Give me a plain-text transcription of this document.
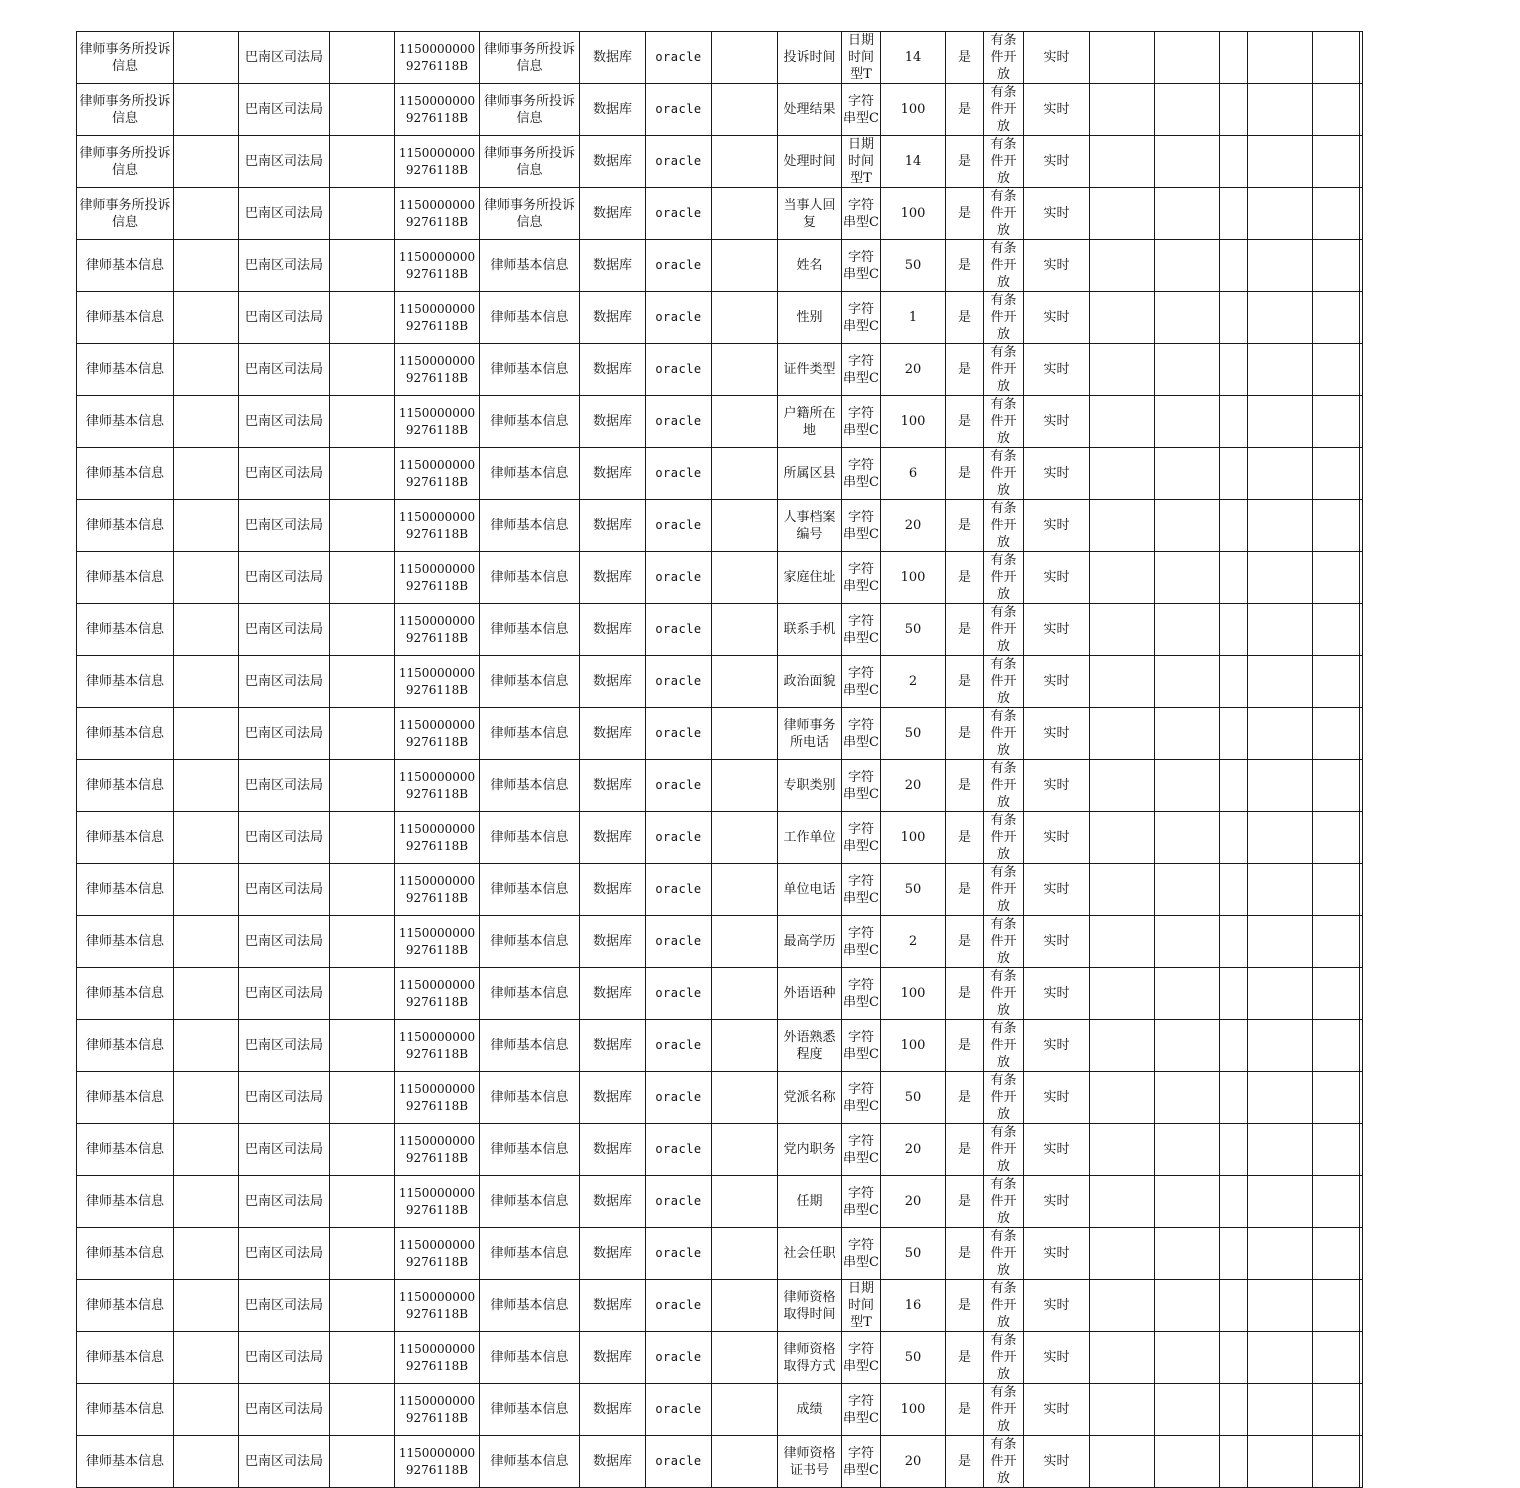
律师事务所投诉信息		巴南区司法局		11500000009276118B	律师事务所投诉信息	数据库	oracle		投诉时间	日期时间型T	14	是	有条件开放	实时						
律师事务所投诉信息		巴南区司法局		11500000009276118B	律师事务所投诉信息	数据库	oracle		处理结果	字符串型C	100	是	有条件开放	实时						
律师事务所投诉信息		巴南区司法局		11500000009276118B	律师事务所投诉信息	数据库	oracle		处理时间	日期时间型T	14	是	有条件开放	实时						
律师事务所投诉信息		巴南区司法局		11500000009276118B	律师事务所投诉信息	数据库	oracle		当事人回复	字符串型C	100	是	有条件开放	实时						
律师基本信息		巴南区司法局		11500000009276118B	律师基本信息	数据库	oracle		姓名	字符串型C	50	是	有条件开放	实时						
律师基本信息		巴南区司法局		11500000009276118B	律师基本信息	数据库	oracle		性别	字符串型C	1	是	有条件开放	实时						
律师基本信息		巴南区司法局		11500000009276118B	律师基本信息	数据库	oracle		证件类型	字符串型C	20	是	有条件开放	实时						
律师基本信息		巴南区司法局		11500000009276118B	律师基本信息	数据库	oracle		户籍所在地	字符串型C	100	是	有条件开放	实时						
律师基本信息		巴南区司法局		11500000009276118B	律师基本信息	数据库	oracle		所属区县	字符串型C	6	是	有条件开放	实时						
律师基本信息		巴南区司法局		11500000009276118B	律师基本信息	数据库	oracle		人事档案编号	字符串型C	20	是	有条件开放	实时						
律师基本信息		巴南区司法局		11500000009276118B	律师基本信息	数据库	oracle		家庭住址	字符串型C	100	是	有条件开放	实时						
律师基本信息		巴南区司法局		11500000009276118B	律师基本信息	数据库	oracle		联系手机	字符串型C	50	是	有条件开放	实时						
律师基本信息		巴南区司法局		11500000009276118B	律师基本信息	数据库	oracle		政治面貌	字符串型C	2	是	有条件开放	实时						
律师基本信息		巴南区司法局		11500000009276118B	律师基本信息	数据库	oracle		律师事务所电话	字符串型C	50	是	有条件开放	实时						
律师基本信息		巴南区司法局		11500000009276118B	律师基本信息	数据库	oracle		专职类别	字符串型C	20	是	有条件开放	实时						
律师基本信息		巴南区司法局		11500000009276118B	律师基本信息	数据库	oracle		工作单位	字符串型C	100	是	有条件开放	实时						
律师基本信息		巴南区司法局		11500000009276118B	律师基本信息	数据库	oracle		单位电话	字符串型C	50	是	有条件开放	实时						
律师基本信息		巴南区司法局		11500000009276118B	律师基本信息	数据库	oracle		最高学历	字符串型C	2	是	有条件开放	实时						
律师基本信息		巴南区司法局		11500000009276118B	律师基本信息	数据库	oracle		外语语种	字符串型C	100	是	有条件开放	实时						
律师基本信息		巴南区司法局		11500000009276118B	律师基本信息	数据库	oracle		外语熟悉程度	字符串型C	100	是	有条件开放	实时						
律师基本信息		巴南区司法局		11500000009276118B	律师基本信息	数据库	oracle		党派名称	字符串型C	50	是	有条件开放	实时						
律师基本信息		巴南区司法局		11500000009276118B	律师基本信息	数据库	oracle		党内职务	字符串型C	20	是	有条件开放	实时						
律师基本信息		巴南区司法局		11500000009276118B	律师基本信息	数据库	oracle		任期	字符串型C	20	是	有条件开放	实时						
律师基本信息		巴南区司法局		11500000009276118B	律师基本信息	数据库	oracle		社会任职	字符串型C	50	是	有条件开放	实时						
律师基本信息		巴南区司法局		11500000009276118B	律师基本信息	数据库	oracle		律师资格取得时间	日期时间型T	16	是	有条件开放	实时						
律师基本信息		巴南区司法局		11500000009276118B	律师基本信息	数据库	oracle		律师资格取得方式	字符串型C	50	是	有条件开放	实时						
律师基本信息		巴南区司法局		11500000009276118B	律师基本信息	数据库	oracle		成绩	字符串型C	100	是	有条件开放	实时						
律师基本信息		巴南区司法局		11500000009276118B	律师基本信息	数据库	oracle		律师资格证书号	字符串型C	20	是	有条件开放	实时						
